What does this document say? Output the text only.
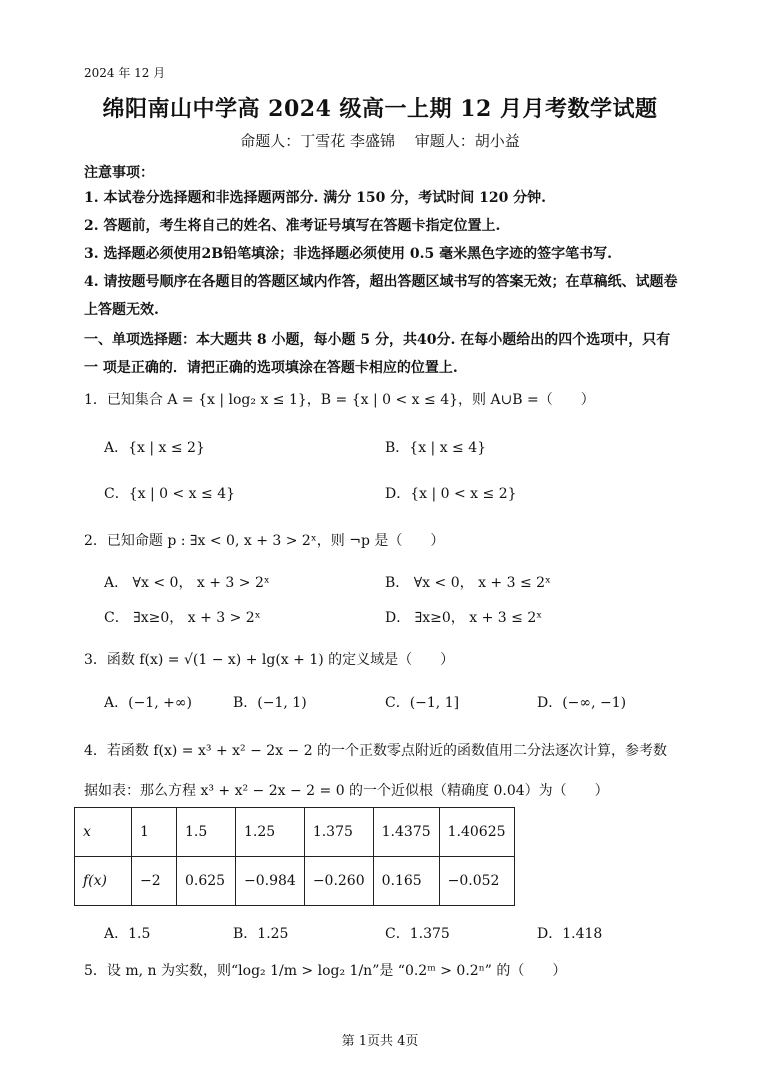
2024 年 12 月
绵阳南山中学高 2024 级高一上期 12 月月考数学试题
命题人：丁雪花 李盛锦　 审题人：胡小益
注意事项：
1. 本试卷分选择题和非选择题两部分. 满分 150 分，考试时间 120 分钟.
2. 答题前，考生将自己的姓名、准考证号填写在答题卡指定位置上.
3. 选择题必须使用2B铅笔填涂；非选择题必须使用 0.5 毫米黑色字迹的签字笔书写.
4. 请按题号顺序在各题目的答题区域内作答，超出答题区域书写的答案无效；在草稿纸、试题卷上答题无效.
一、单项选择题：本大题共 8 小题，每小题 5 分，共40分. 在每小题给出的四个选项中，只有一 项是正确的．请把正确的选项填涂在答题卡相应的位置上.
1．已知集合 A = {x | log₂ x ≤ 1}，B = {x | 0 < x ≤ 4}，则 A∪B =（　　）
A．{x | x ≤ 2}	B．{x | x ≤ 4}
C．{x | 0 < x ≤ 4}	D．{x | 0 < x ≤ 2}
2．已知命题 p : ∃x < 0, x + 3 > 2ˣ，则 ¬p 是（　　）
A． ∀x < 0， x + 3 > 2ˣ	B． ∀x < 0， x + 3 ≤ 2ˣ
C． ∃x≥0， x + 3 > 2ˣ	D． ∃x≥0， x + 3 ≤ 2ˣ
3．函数 f(x) = √(1 − x) + lg(x + 1) 的定义域是（　　）
A．(−1, +∞)	B．(−1, 1)	C．(−1, 1]	D．(−∞, −1)
4．若函数 f(x) = x³ + x² − 2x − 2 的一个正数零点附近的函数值用二分法逐次计算，参考数
据如表：那么方程 x³ + x² − 2x − 2 = 0 的一个近似根（精确度 0.04）为（　　）
x	1	1.5	1.25	1.375	1.4375	1.40625
f(x)	−2	0.625	−0.984	−0.260	0.165	−0.052
A．1.5	B．1.25	C．1.375	D．1.418
5．设 m, n 为实数，则“log₂ 1/m > log₂ 1/n”是 “0.2ᵐ > 0.2ⁿ” 的（　　）
第 1页共 4页
